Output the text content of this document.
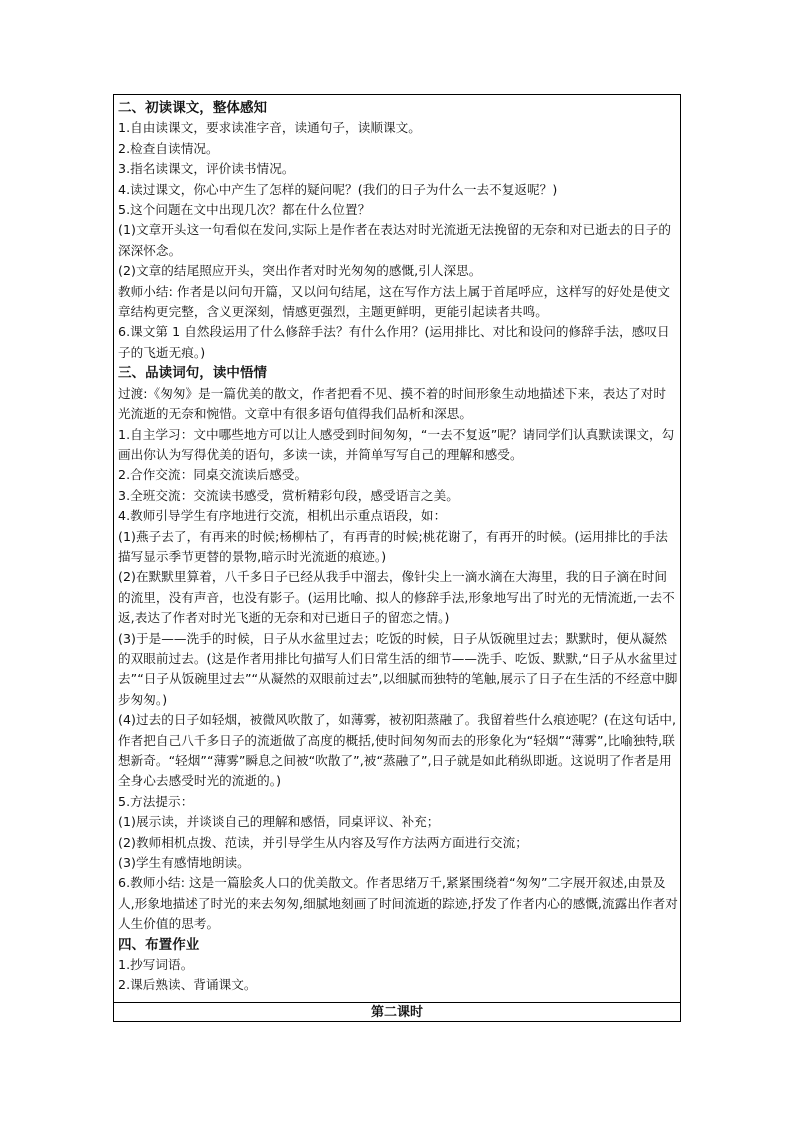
二、初读课文，整体感知

1.自由读课文，要求读准字音，读通句子，读顺课文。

2.检查自读情况。

3.指名读课文，评价读书情况。

4.读过课文，你心中产生了怎样的疑问呢？(我们的日子为什么一去不复返呢？)

5.这个问题在文中出现几次？都在什么位置？

(1)文章开头这一句看似在发问,实际上是作者在表达对时光流逝无法挽留的无奈和对已逝去的日子的深深怀念。

(2)文章的结尾照应开头，突出作者对时光匆匆的感慨,引人深思。

教师小结: 作者是以问句开篇，又以问句结尾，这在写作方法上属于首尾呼应，这样写的好处是使文章结构更完整，含义更深刻，情感更强烈，主题更鲜明，更能引起读者共鸣。

6.课文第 1 自然段运用了什么修辞手法？有什么作用？(运用排比、对比和设问的修辞手法，感叹日子的飞逝无痕。)

三、品读词句，读中悟情

过渡:《匆匆》是一篇优美的散文，作者把看不见、摸不着的时间形象生动地描述下来，表达了对时光流逝的无奈和惋惜。文章中有很多语句值得我们品析和深思。

1.自主学习：文中哪些地方可以让人感受到时间匆匆，“一去不复返”呢？请同学们认真默读课文，勾画出你认为写得优美的语句，多读一读，并简单写写自己的理解和感受。

2.合作交流：同桌交流读后感受。

3.全班交流：交流读书感受，赏析精彩句段，感受语言之美。

4.教师引导学生有序地进行交流，相机出示重点语段，如：

(1)燕子去了，有再来的时候;杨柳枯了，有再青的时候;桃花谢了，有再开的时候。(运用排比的手法描写显示季节更替的景物,暗示时光流逝的痕迹。)

(2)在默默里算着，八千多日子已经从我手中溜去，像针尖上一滴水滴在大海里，我的日子滴在时间的流里，没有声音，也没有影子。(运用比喻、拟人的修辞手法,形象地写出了时光的无情流逝,一去不返,表达了作者对时光飞逝的无奈和对已逝日子的留恋之情。)

(3)于是——洗手的时候，日子从水盆里过去；吃饭的时候，日子从饭碗里过去；默默时，便从凝然的双眼前过去。(这是作者用排比句描写人们日常生活的细节——洗手、吃饭、默默,“日子从水盆里过去”“日子从饭碗里过去”“从凝然的双眼前过去”,以细腻而独特的笔触,展示了日子在生活的不经意中脚步匆匆。)

(4)过去的日子如轻烟，被微风吹散了，如薄雾，被初阳蒸融了。我留着些什么痕迹呢？(在这句话中,作者把自己八千多日子的流逝做了高度的概括,使时间匆匆而去的形象化为“轻烟”“薄雾”,比喻独特,联想新奇。“轻烟”“薄雾”瞬息之间被“吹散了”,被“蒸融了”,日子就是如此稍纵即逝。这说明了作者是用全身心去感受时光的流逝的。)

5.方法提示：

(1)展示读，并谈谈自己的理解和感悟，同桌评议、补充；

(2)教师相机点拨、范读，并引导学生从内容及写作方法两方面进行交流；

(3)学生有感情地朗读。

6.教师小结: 这是一篇脍炙人口的优美散文。作者思绪万千,紧紧围绕着“匆匆”二字展开叙述,由景及人,形象地描述了时光的来去匆匆,细腻地刻画了时间流逝的踪迹,抒发了作者内心的感慨,流露出作者对人生价值的思考。

四、布置作业

1.抄写词语。

2.课后熟读、背诵课文。

第二课时
